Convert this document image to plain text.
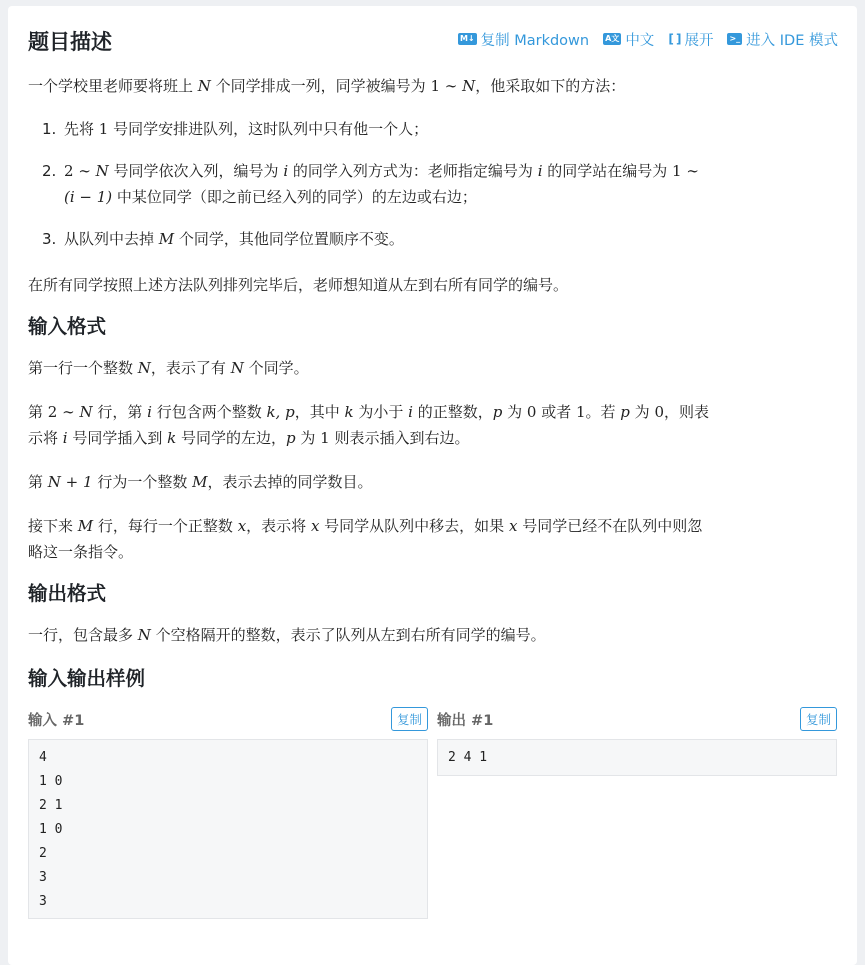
题目描述	M↓ 复制 Markdown A文 中文 [ ] 展开 >_ 进入 IDE 模式

一个学校里老师要将班上 N 个同学排成一列，同学被编号为 1 ∼ N，他采取如下的方法：

1. 先将 1 号同学安排进队列，这时队列中只有他一个人；
2. 2 ∼ N 号同学依次入列，编号为 i 的同学入列方式为：老师指定编号为 i 的同学站在编号为 1 ∼
(i − 1) 中某位同学（即之前已经入列的同学）的左边或右边；
3. 从队列中去掉 M 个同学，其他同学位置顺序不变。

在所有同学按照上述方法队列排列完毕后，老师想知道从左到右所有同学的编号。

输入格式

第一行一个整数 N，表示了有 N 个同学。

第 2 ∼ N 行，第 i 行包含两个整数 k, p，其中 k 为小于 i 的正整数，p 为 0 或者 1。若 p 为 0，则表
示将 i 号同学插入到 k 号同学的左边，p 为 1 则表示插入到右边。

第 N + 1 行为一个整数 M，表示去掉的同学数目。

接下来 M 行，每行一个正整数 x，表示将 x 号同学从队列中移去，如果 x 号同学已经不在队列中则忽
略这一条指令。

输出格式

一行，包含最多 N 个空格隔开的整数，表示了队列从左到右所有同学的编号。

输入输出样例
输入 #1	复制
4
1 0
2 1
1 0
2
3
3
输出 #1	复制
2 4 1
